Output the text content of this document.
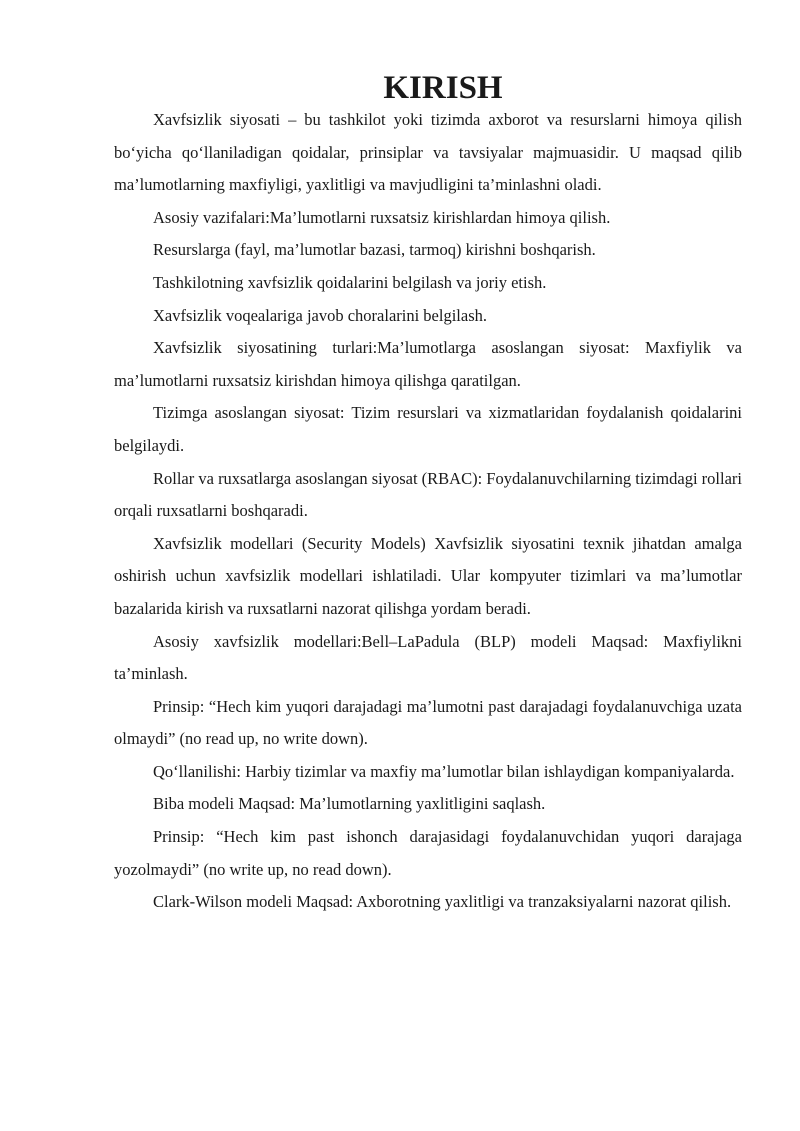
KIRISH

Xavfsizlik siyosati – bu tashkilot yoki tizimda axborot va resurslarni himoya qilish bo‘yicha qo‘llaniladigan qoidalar, prinsiplar va tavsiyalar majmuasidir. U maqsad qilib ma’lumotlarning maxfiyligi, yaxlitligi va mavjudligini ta’minlashni oladi.

Asosiy vazifalari:Ma’lumotlarni ruxsatsiz kirishlardan himoya qilish.

Resurslarga (fayl, ma’lumotlar bazasi, tarmoq) kirishni boshqarish.

Tashkilotning xavfsizlik qoidalarini belgilash va joriy etish.

Xavfsizlik voqealariga javob choralarini belgilash.

Xavfsizlik siyosatining turlari:Ma’lumotlarga asoslangan siyosat: Maxfiylik va ma’lumotlarni ruxsatsiz kirishdan himoya qilishga qaratilgan.

Tizimga asoslangan siyosat: Tizim resurslari va xizmatlaridan foydalanish qoidalarini belgilaydi.

Rollar va ruxsatlarga asoslangan siyosat (RBAC): Foydalanuvchilarning tizimdagi rollari orqali ruxsatlarni boshqaradi.

Xavfsizlik modellari (Security Models) Xavfsizlik siyosatini texnik jihatdan amalga oshirish uchun xavfsizlik modellari ishlatiladi. Ular kompyuter tizimlari va ma’lumotlar bazalarida kirish va ruxsatlarni nazorat qilishga yordam beradi.

Asosiy xavfsizlik modellari:Bell–LaPadula (BLP) modeli Maqsad: Maxfiylikni ta’minlash.

Prinsip: “Hech kim yuqori darajadagi ma’lumotni past darajadagi foydalanuvchiga uzata olmaydi” (no read up, no write down).

Qo‘llanilishi: Harbiy tizimlar va maxfiy ma’lumotlar bilan ishlaydigan kompaniyalarda.

Biba modeli Maqsad: Ma’lumotlarning yaxlitligini saqlash.

Prinsip: “Hech kim past ishonch darajasidagi foydalanuvchidan yuqori darajaga yozolmaydi” (no write up, no read down).

Clark-Wilson modeli Maqsad: Axborotning yaxlitligi va tranzaksiyalarni nazorat qilish.
